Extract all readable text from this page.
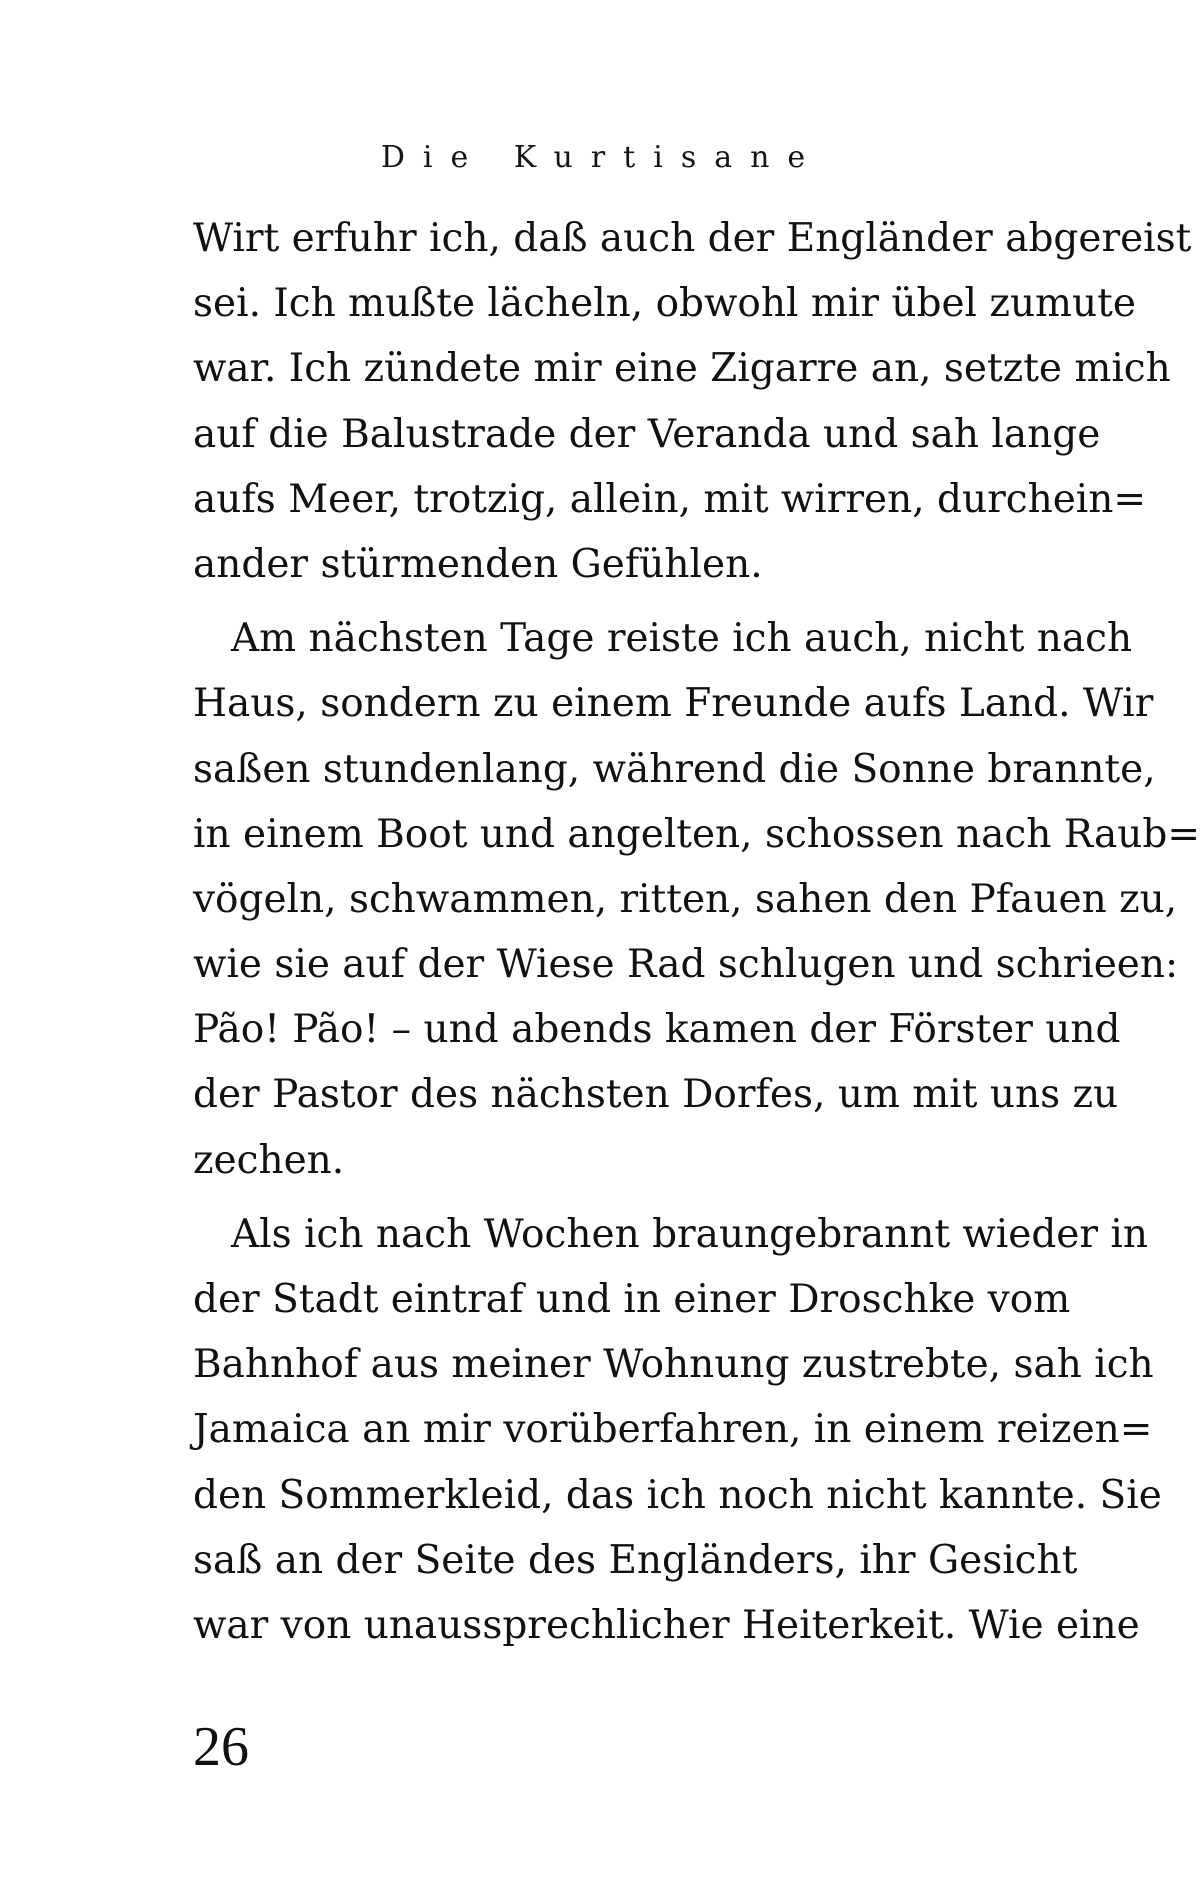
Die Kurtisane
Wirt erfuhr ich, daß auch der Engländer abgereist
sei. Ich mußte lächeln, obwohl mir übel zumute
war. Ich zündete mir eine Zigarre an, setzte mich
auf die Balustrade der Veranda und sah lange
aufs Meer, trotzig, allein, mit wirren, durchein=
ander stürmenden Gefühlen.
Am nächsten Tage reiste ich auch, nicht nach
Haus, sondern zu einem Freunde aufs Land. Wir
saßen stundenlang, während die Sonne brannte,
in einem Boot und angelten, schossen nach Raub=
vögeln, schwammen, ritten, sahen den Pfauen zu,
wie sie auf der Wiese Rad schlugen und schrieen:
Pão! Pão! – und abends kamen der Förster und
der Pastor des nächsten Dorfes, um mit uns zu
zechen.
Als ich nach Wochen braungebrannt wieder in
der Stadt eintraf und in einer Droschke vom
Bahnhof aus meiner Wohnung zustrebte, sah ich
Jamaica an mir vorüberfahren, in einem reizen=
den Sommerkleid, das ich noch nicht kannte. Sie
saß an der Seite des Engländers, ihr Gesicht
war von unaussprechlicher Heiterkeit. Wie eine
26
